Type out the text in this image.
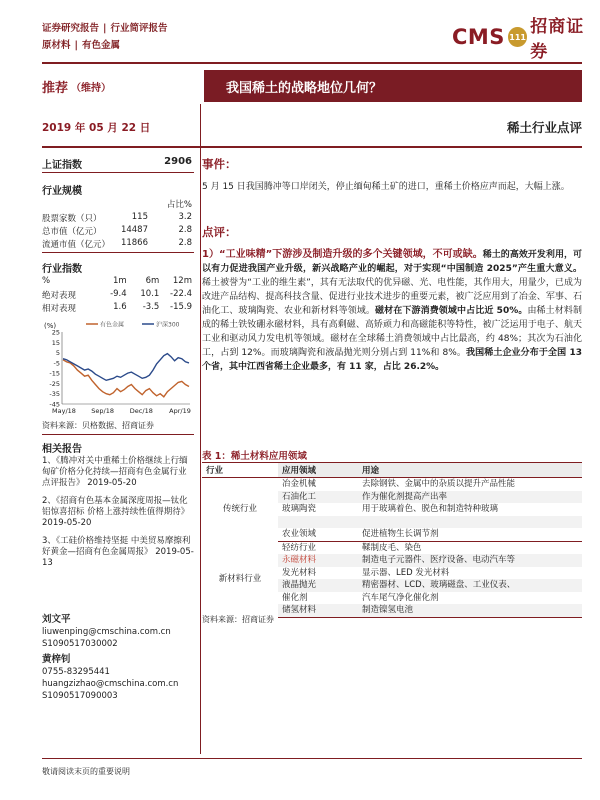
证券研究报告 | 行业简评报告
原材料 | 有色金属	CMS 111 招商证券
推荐 （维持）	我国稀土的战略地位几何？
2019 年 05 月 22 日	稀土行业点评
上证指数	2906
行业规模
占比%
股票家数（只）	115	3.2
总市值（亿元）	14487	2.8
流通市值（亿元）	11866	2.8
行业指数
%	1m	6m	12m
绝对表现	-9.4	10.1	-22.4
相对表现	1.6	-3.5	-15.9
(%)
25
15
5
-5
-15
-25
-35
-45
May/18 Sep/18 Dec/18	Apr/19
有色金属	沪深300
资料来源：贝格数据、招商证券
相关报告
1、《腾冲对关中重稀土价格继续上行缅甸矿价格分化持续—招商有色金属行业点评报告》 2019-05-20
2、《招商有色基本金属深度周报—钛化铝惊喜招标 价格上涨持续性值得期待》 2019-05-20
3、《工硅价格维持坚挺 中美贸易摩擦利好黄金—招商有色金属周报》 2019-05-13
刘文平
liuwenping@cmschina.com.cn
S1090517030002

黄梓钊
0755-83295441
huangzizhao@cmschina.com.cn
S1090517090003

事件：
5 月 15 日我国腾冲等口岸闭关，停止缅甸稀土矿的进口，重稀土价格应声而起，大幅上涨。
点评：
1）“工业味精”下游涉及制造升级的多个关键领域，不可或缺。稀土的高效开发利用，可以有力促进我国产业升级，新兴战略产业的崛起，对于实现“中国制造 2025”产生重大意义。稀土被誉为“工业的维生素”，其有无法取代的优异磁、光、电性能，其作用大，用量少，已成为改进产品结构、提高科技含量、促进行业技术进步的重要元素，被广泛应用到了冶金、军事、石油化工、玻璃陶瓷、农业和新材料等领域。磁材在下游消费领域中占比近 50%。由稀土材料制成的稀土铁钕硼永磁材料，具有高剩磁、高矫顽力和高磁能积等特性，被广泛运用于电子、航天工业和驱动风力发电机等领域。磁材在全球稀土消费领域中占比最高，约 48%；其次为石油化工，占到 12%。而玻璃陶瓷和液晶抛光则分别占到 11%和 8%。我国稀土企业分布于全国 13 个省，其中江西省稀土企业最多，有 11 家，占比 26.2%。
表 1：稀土材料应用领域
行业	应用领域	用途
传统行业	冶金机械	去除钢铁、金属中的杂质以提升产品性能
	石油化工	作为催化剂提高产出率
	玻璃陶瓷	用于玻璃着色、脱色和制造特种玻璃

	农业领域	促进植物生长调节剂
新材料行业	轻纺行业	鞣制皮毛、染色
	永磁材料	制造电子元器件、医疗设备、电动汽车等
	发光材料	显示器、LED 发光材料
	液晶抛光	精密器材、LCD、玻璃磁盘、工业仪表、
	催化剂	汽车尾气净化催化剂
	储氢材料	制造镍氢电池
资料来源：招商证券
敬请阅读末页的重要说明
